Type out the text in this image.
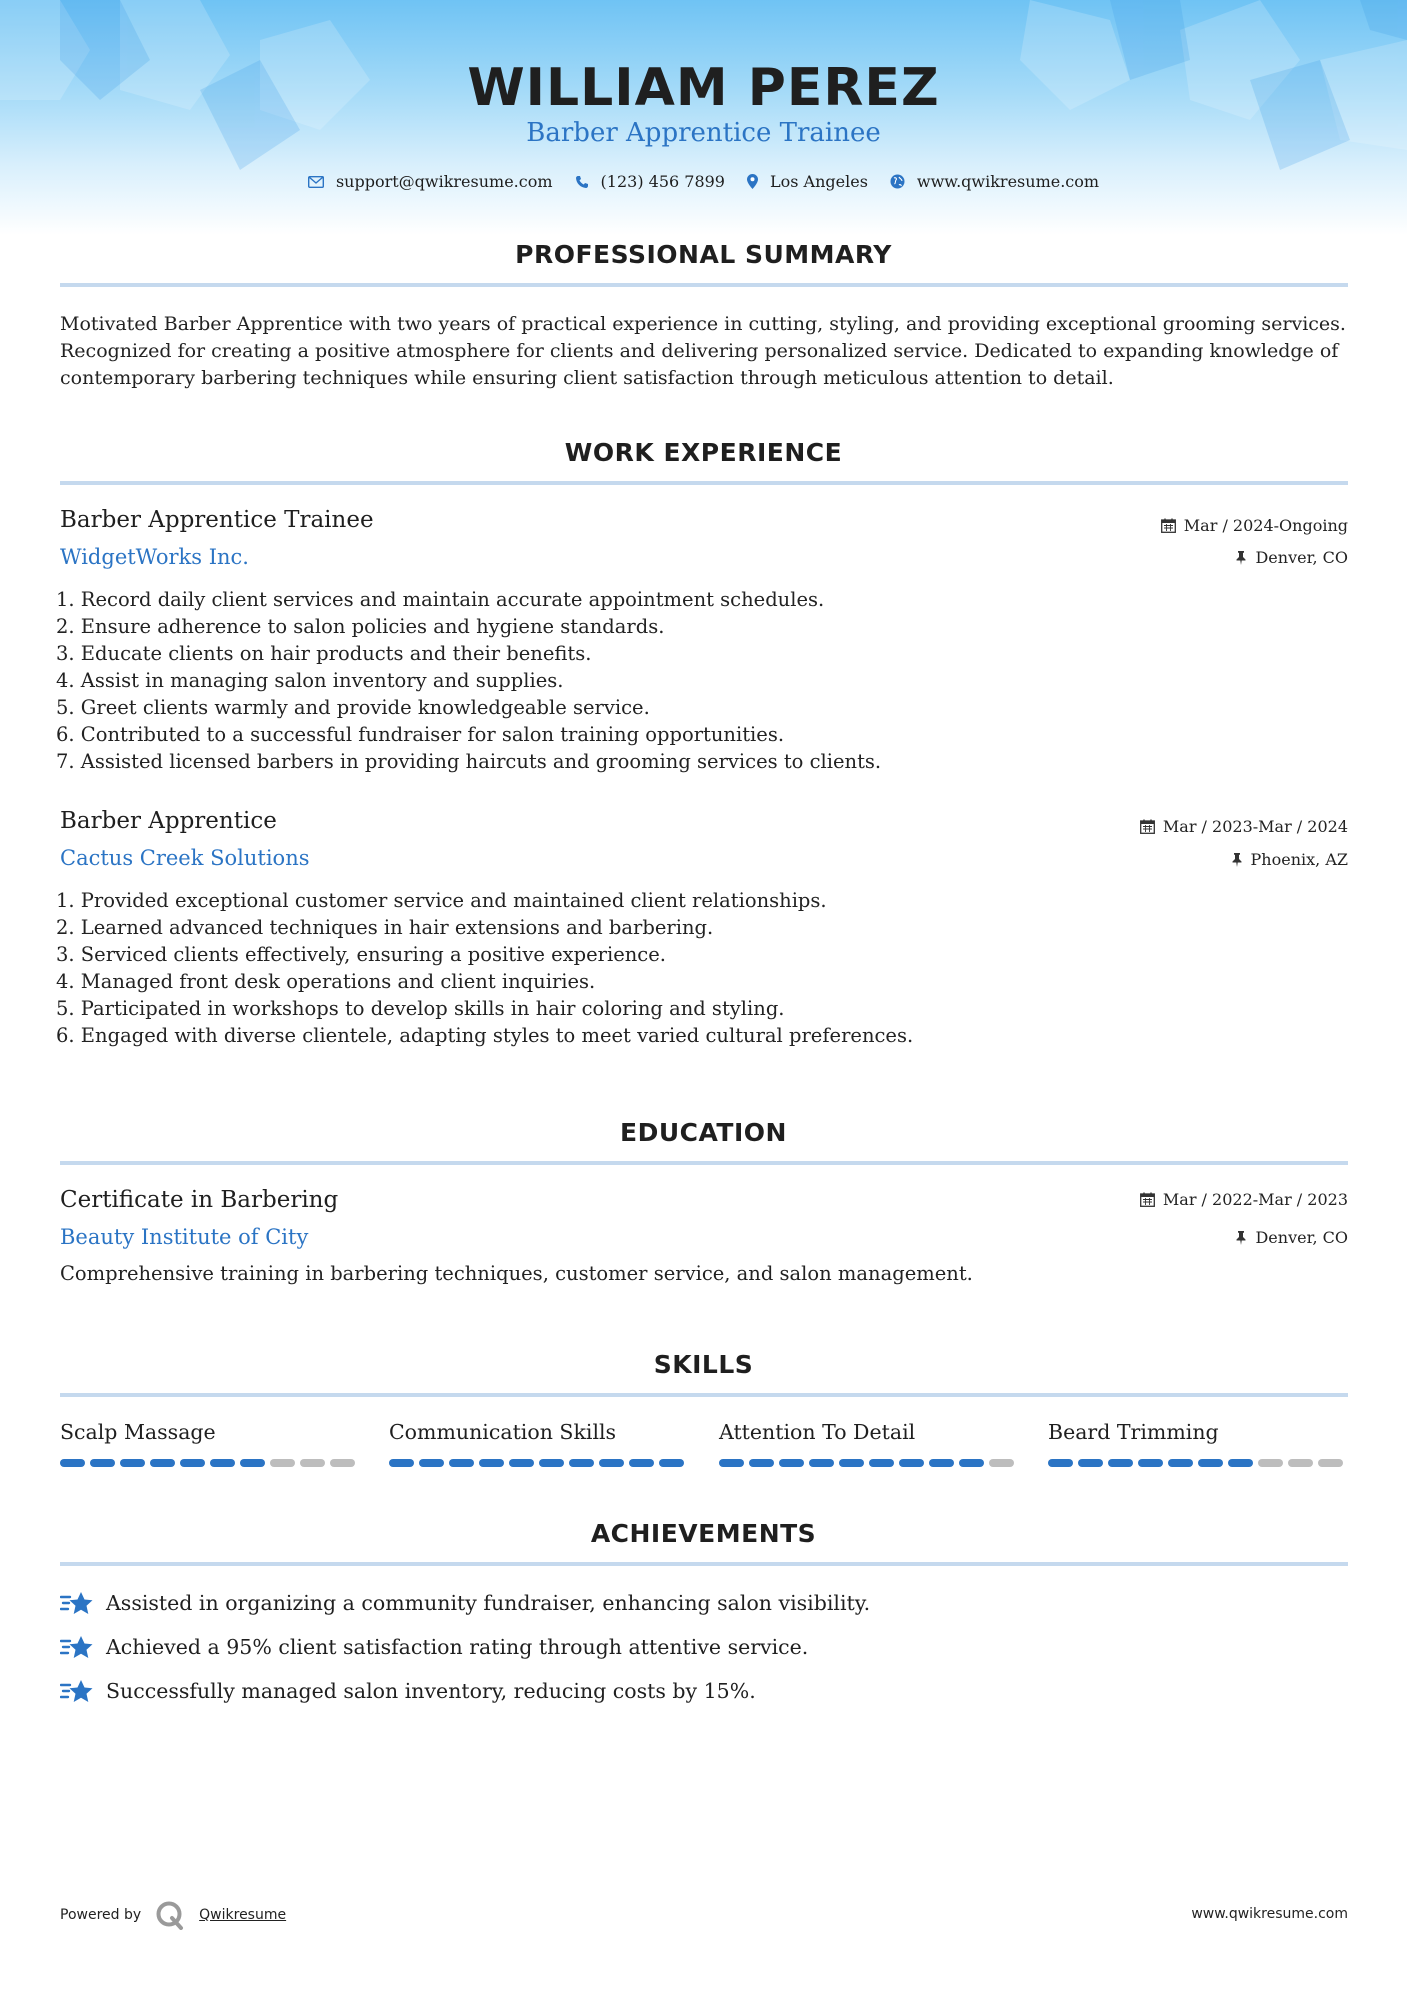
WILLIAM PEREZ
Barber Apprentice Trainee
support@qwikresume.com	(123) 456 7899	Los Angeles	www.qwikresume.com
PROFESSIONAL SUMMARY
Motivated Barber Apprentice with two years of practical experience in cutting, styling, and providing exceptional grooming services. Recognized for creating a positive atmosphere for clients and delivering personalized service. Dedicated to expanding knowledge of contemporary barbering techniques while ensuring client satisfaction through meticulous attention to detail.
WORK EXPERIENCE
Barber Apprentice Trainee
WidgetWorks Inc.
Mar / 2024-Ongoing
Denver, CO
1. Record daily client services and maintain accurate appointment schedules.
2. Ensure adherence to salon policies and hygiene standards.
3. Educate clients on hair products and their benefits.
4. Assist in managing salon inventory and supplies.
5. Greet clients warmly and provide knowledgeable service.
6. Contributed to a successful fundraiser for salon training opportunities.
7. Assisted licensed barbers in providing haircuts and grooming services to clients.
Barber Apprentice
Cactus Creek Solutions
Mar / 2023-Mar / 2024
Phoenix, AZ
1. Provided exceptional customer service and maintained client relationships.
2. Learned advanced techniques in hair extensions and barbering.
3. Serviced clients effectively, ensuring a positive experience.
4. Managed front desk operations and client inquiries.
5. Participated in workshops to develop skills in hair coloring and styling.
6. Engaged with diverse clientele, adapting styles to meet varied cultural preferences.
EDUCATION
Certificate in Barbering
Beauty Institute of City
Mar / 2022-Mar / 2023
Denver, CO
Comprehensive training in barbering techniques, customer service, and salon management.
SKILLS
Scalp Massage	Communication Skills	Attention To Detail	Beard Trimming
ACHIEVEMENTS
Assisted in organizing a community fundraiser, enhancing salon visibility.
Achieved a 95% client satisfaction rating through attentive service.
Successfully managed salon inventory, reducing costs by 15%.
Powered by	Qwikresume	www.qwikresume.com
